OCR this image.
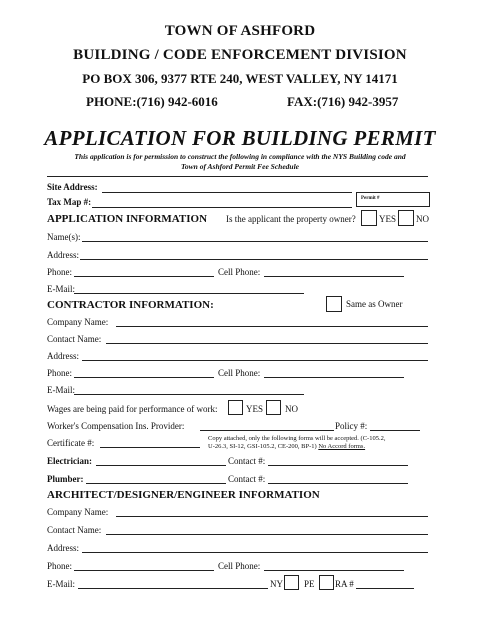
TOWN OF ASHFORD
BUILDING / CODE ENFORCEMENT DIVISION
PO BOX 306, 9377 RTE 240, WEST VALLEY, NY 14171
PHONE:(716) 942-6016	FAX:(716) 942-3957
APPLICATION FOR BUILDING PERMIT
This application is for permission to construct the following in compliance with the NYS Building code and
Town of Ashford Permit Fee Schedule
Site Address:
Tax Map #:	Permit #
APPLICATION INFORMATION Is the applicant the property owner?	YES NO
Name(s):
Address:
Phone:	Cell Phone:
E-Mail:
CONTRACTOR INFORMATION:	Same as Owner
Company Name:
Contact Name:
Address:
Phone:	Cell Phone:
E-Mail:
Wages are being paid for performance of work:	YES NO
Worker's Compensation Ins. Provider:	Policy #:
Certificate #:	Copy attached, only the following forms will be accepted. (C-105.2,
U-26.3, SI-12, GSI-105.2, CE-200, BP-1) No Accord forms.
Electrician:	Contact #:
Plumber:	Contact #:
ARCHITECT/DESIGNER/ENGINEER INFORMATION
Company Name:
Contact Name:
Address:
Phone:	Cell Phone:
E-Mail:	NY PE RA #
